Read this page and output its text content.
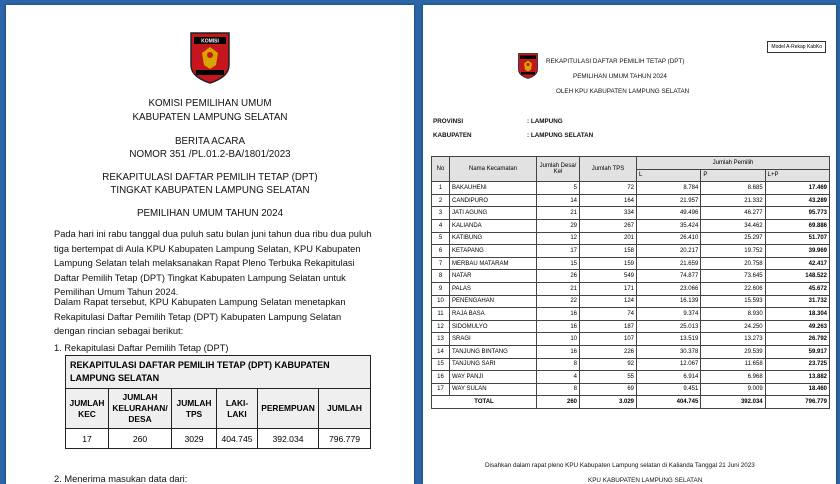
KOMISI
KOMISI PEMILIHAN UMUM
KABUPATEN LAMPUNG SELATAN
BERITA ACARA
NOMOR 351 /PL.01.2-BA/1801/2023
REKAPITULASI DAFTAR PEMILIH TETAP (DPT)
TINGKAT KABUPATEN LAMPUNG SELATAN
PEMILIHAN UMUM TAHUN 2024
Pada hari ini rabu tanggal dua puluh satu bulan juni tahun dua ribu dua puluh tiga bertempat di Aula KPU Kabupaten Lampung Selatan, KPU Kabupaten Lampung Selatan telah melaksanakan Rapat Pleno Terbuka Rekapitulasi Daftar Pemilih Tetap (DPT) Tingkat Kabupaten Lampung Selatan untuk Pemilihan Umum Tahun 2024.
Dalam Rapat tersebut, KPU Kabupaten Lampung Selatan menetapkan Rekapitulasi Daftar Pemilih Tetap (DPT) Kabupaten Lampung Selatan dengan rincian sebagai berikut:
1. Rekapitulasi Daftar Pemilih Tetap (DPT)
REKAPITULASI DAFTAR PEMILIH TETAP (DPT) KABUPATEN LAMPUNG SELATAN					
JUMLAH KEC	JUMLAH KELURAHAN/ DESA	JUMLAH TPS	LAKI-LAKI	PEREMPUAN	JUMLAH
17	260	3029	404.745	392.034	796.779
2. Menerima masukan data dari:
Model A-Rekap KabKo
REKAPITULASI DAFTAR PEMILIH TETAP (DPT)
PEMILIHAN UMUM TAHUN 2024
OLEH KPU KABUPATEN LAMPUNG SELATAN
PROVINSI	: LAMPUNG
KABUPATEN	: LAMPUNG SELATAN
No	Nama Kecamatan	Jumlah Desa/ Kel	Jumlah TPS	Jumlah Pemilih		
				L	P	L+P
1	BAKAUHENI	5	72	8.784	8.685	17.469
2	CANDIPURO	14	164	21.957	21.332	43.289
3	JATI AGUNG	21	334	49.496	46.277	95.773
4	KALIANDA	29	267	35.424	34.462	69.886
5	KATIBUNG	12	201	26.410	25.297	51.707
6	KETAPANG	17	158	20.217	19.752	39.969
7	MERBAU MATARAM	15	159	21.659	20.758	42.417
8	NATAR	26	549	74.877	73.645	148.522
9	PALAS	21	171	23.066	22.606	45.672
10	PENENGAHAN	22	124	16.139	15.593	31.732
11	RAJA BASA	16	74	9.374	8.930	18.304
12	SIDOMULYO	16	187	25.013	24.250	49.263
13	SRAGI	10	107	13.519	13.273	26.792
14	TANJUNG BINTANG	16	226	30.378	29.539	59.917
15	TANJUNG SARI	8	92	12.067	11.658	23.725
16	WAY PANJI	4	55	6.914	6.968	13.882
17	WAY SULAN	8	69	9.451	9.009	18.460
TOTAL		260	3.029	404.745	392.034	796.779
Disahkan dalam rapat pleno KPU Kabupaten Lampung selatan di Kalianda Tanggal 21 Juni 2023
KPU KABUPATEN LAMPUNG SELATAN
